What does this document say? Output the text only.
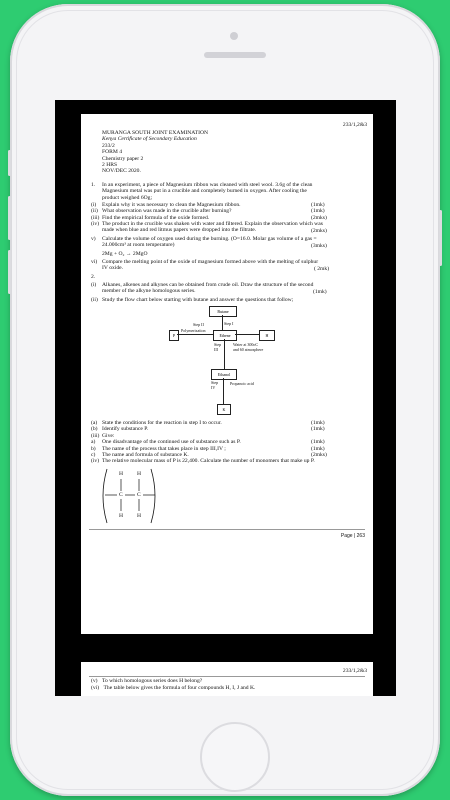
233/1,2&3
MURANGA SOUTH JOINT EXAMINATION
Kenya Certificate of Secondary Education
233/2
FORM 4
Chemistry paper 2
2 HRS
NOV/DEC 2020.
1. In an experiment, a piece of Magnesium ribbon was cleaned with steel wool. 3.6g of the clean
Magnesium metal was put in a crucible and completely burned in oxygen. After cooling the
product weighed 6Og;
(i) Explain why it was necessary to clean the Magnesium ribbon.	(1mk)
(ii) What observation was made in the crucible after burning?	(1mk)
(iii) Find the empirical formula of the oxide formed.	(2mks)
(iv) The product in the crucible was shaken with water and filtered. Explain the observation which was
made when blue and red litmus papers were dropped into the filtrate.	(2mks)
v) Calculate the volume of oxygen used during the burning. (O=16.0. Molar gas volume of a gas =
24.000cm³ at room temperature)	(3mks)
2Mg + O₂ → 2MgO
vi) Compare the melting point of the oxide of magnesium formed above with the melting of sulphur
IV oxide.	( 2mk)
2.
(i) Alkanes, alkenes and alkynes can be obtained from crude oil. Draw the structure of the second
member of the alkyne homologous series.	(1mk)
(ii) Study the flow chart below starting with butane and answer the questions that follow;
Butane
Step I
P
Step II
Polymerization
Ethene	H
Step
III
Water at 300oC
and 60 atmosphere
Ethanol
Step
IV
Propanoic acid
K
(a) State the conditions for the reaction in step I to occur.	(1mk)
(b) Identify substance P.	(1mk)
(iii) Give:
a) One disadvantage of the continued use of substance such as P.	(1mk)
b) The name of the process that takes place in step III,IV ;	(1mk)
c) The name and formula of substance K.	(2mks)
(iv) The relative molecular mass of P is 22,400. Calculate the number of monomers that make up P.
H H
C	C
H H
Page | 263
233/1,2&3
(v) To which homologous series does H belong?
(vi) The table below gives the formula of four compounds H, I, J and K.
